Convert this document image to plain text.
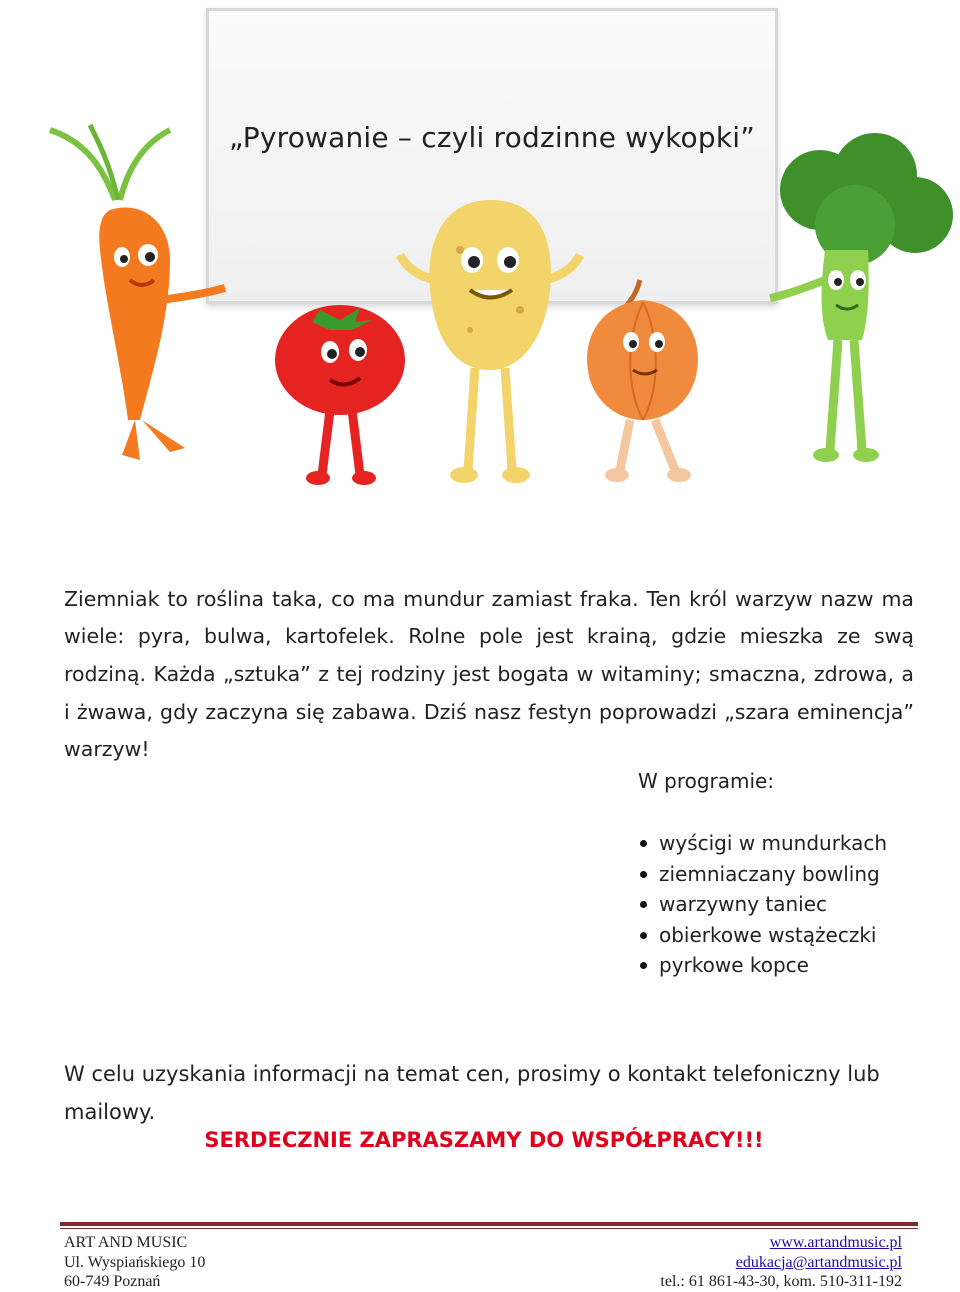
„Pyrowanie – czyli rodzinne wykopki”

Ziemniak to roślina taka, co ma mundur zamiast fraka. Ten król warzyw nazw ma wiele: pyra, bulwa, kartofelek. Rolne pole jest krainą, gdzie mieszka ze swą rodziną. Każda „sztuka” z tej rodziny jest bogata w witaminy; smaczna, zdrowa, a i żwawa, gdy zaczyna się zabawa. Dziś nasz festyn poprowadzi „szara eminencja” warzyw!

W programie:
wyścigi w mundurkach
ziemniaczany bowling
warzywny taniec
obierkowe wstążeczki
pyrkowe kopce

W celu uzyskania informacji na temat cen, prosimy o kontakt telefoniczny lub mailowy.

SERDECZNIE ZAPRASZAMY DO WSPÓŁPRACY!!!
ART AND MUSIC
Ul. Wyspiańskiego 10
60-749 Poznań
www.artandmusic.pl
edukacja@artandmusic.pl
tel.: 61 861-43-30, kom. 510-311-192
